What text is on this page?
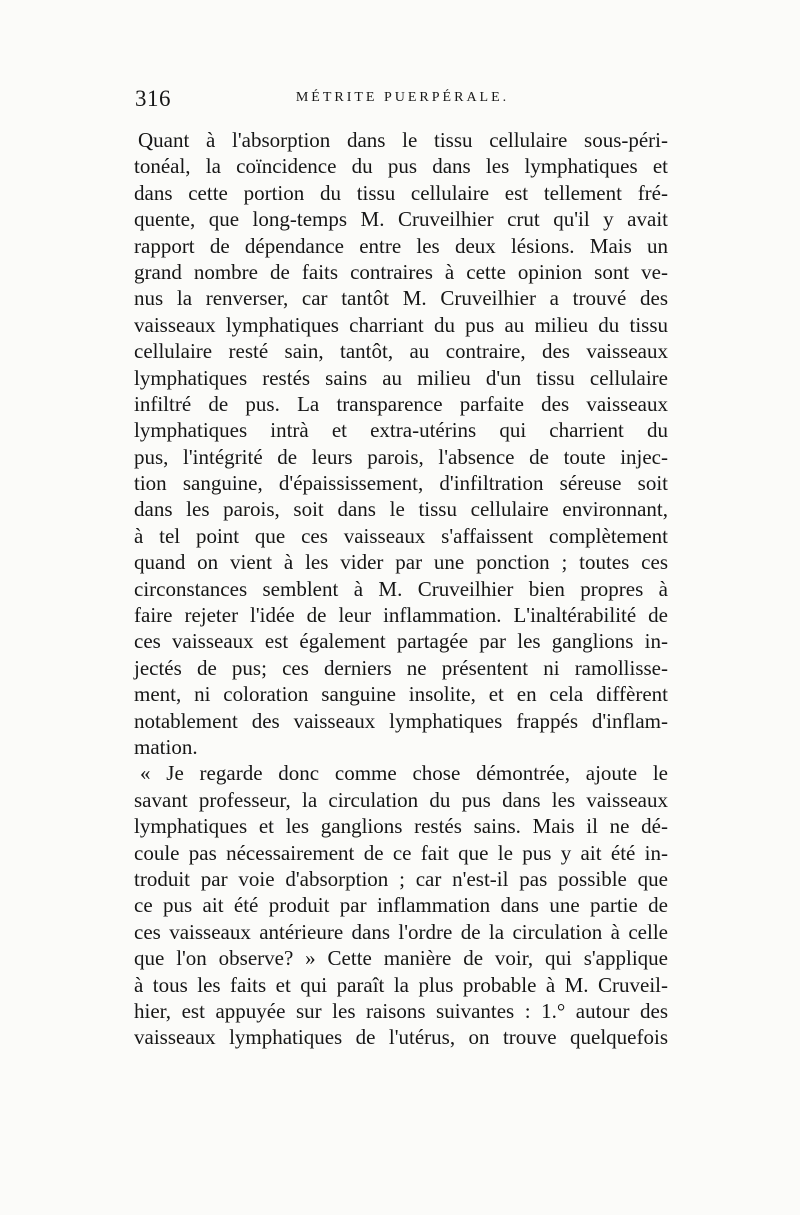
316	MÉTRITE PUERPÉRALE.
Quant à l'absorption dans le tissu cellulaire sous-péri-
tonéal, la coïncidence du pus dans les lymphatiques et
dans cette portion du tissu cellulaire est tellement fré-
quente, que long-temps M. Cruveilhier crut qu'il y avait
rapport de dépendance entre les deux lésions. Mais un
grand nombre de faits contraires à cette opinion sont ve-
nus la renverser, car tantôt M. Cruveilhier a trouvé des
vaisseaux lymphatiques charriant du pus au milieu du tissu
cellulaire resté sain, tantôt, au contraire, des vaisseaux
lymphatiques restés sains au milieu d'un tissu cellulaire
infiltré de pus. La transparence parfaite des vaisseaux
lymphatiques intrà et extra-utérins qui charrient du
pus, l'intégrité de leurs parois, l'absence de toute injec-
tion sanguine, d'épaississement, d'infiltration séreuse soit
dans les parois, soit dans le tissu cellulaire environnant,
à tel point que ces vaisseaux s'affaissent complètement
quand on vient à les vider par une ponction ; toutes ces
circonstances semblent à M. Cruveilhier bien propres à
faire rejeter l'idée de leur inflammation. L'inaltérabilité de
ces vaisseaux est également partagée par les ganglions in-
jectés de pus; ces derniers ne présentent ni ramollisse-
ment, ni coloration sanguine insolite, et en cela diffèrent
notablement des vaisseaux lymphatiques frappés d'inflam-
mation.
« Je regarde donc comme chose démontrée, ajoute le
savant professeur, la circulation du pus dans les vaisseaux
lymphatiques et les ganglions restés sains. Mais il ne dé-
coule pas nécessairement de ce fait que le pus y ait été in-
troduit par voie d'absorption ; car n'est-il pas possible que
ce pus ait été produit par inflammation dans une partie de
ces vaisseaux antérieure dans l'ordre de la circulation à celle
que l'on observe? » Cette manière de voir, qui s'applique
à tous les faits et qui paraît la plus probable à M. Cruveil-
hier, est appuyée sur les raisons suivantes : 1.° autour des
vaisseaux lymphatiques de l'utérus, on trouve quelquefois
